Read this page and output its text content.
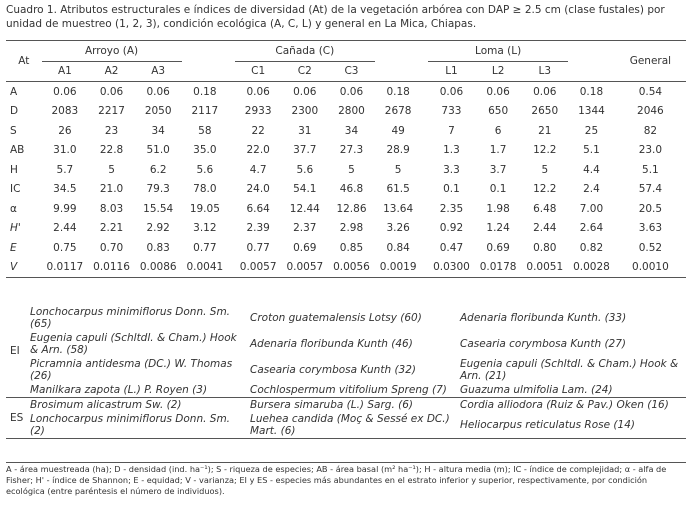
Cuadro 1. Atributos estructurales e índices de diversidad (At) de la vegetación arbórea con DAP ≥ 2.5 cm (clase fustales) por unidad de muestreo (1, 2, 3), condición ecológica (A, C, L) y general en La Mica, Chiapas.
At	Arroyo (A)					Cañada (C)					Loma (L)				General
	A1	A2	A3			C1	C2	C3			L1	L2	L3		
A	0.06	0.06	0.06	0.18		0.06	0.06	0.06	0.18		0.06	0.06	0.06	0.18	0.54
D	2083	2217	2050	2117		2933	2300	2800	2678		733	650	2650	1344	2046
S	26	23	34	58		22	31	34	49		7	6	21	25	82
AB	31.0	22.8	51.0	35.0		22.0	37.7	27.3	28.9		1.3	1.7	12.2	5.1	23.0
H	5.7	5	6.2	5.6		4.7	5.6	5	5		3.3	3.7	5	4.4	5.1
IC	34.5	21.0	79.3	78.0		24.0	54.1	46.8	61.5		0.1	0.1	12.2	2.4	57.4
α	9.99	8.03	15.54	19.05		6.64	12.44	12.86	13.64		2.35	1.98	6.48	7.00	20.5
H'	2.44	2.21	2.92	3.12		2.39	2.37	2.98	3.26		0.92	1.24	2.44	2.64	3.63
E	0.75	0.70	0.83	0.77		0.77	0.69	0.85	0.84		0.47	0.69	0.80	0.82	0.52
V	0.0117	0.0116	0.0086	0.0041		0.0057	0.0057	0.0056	0.0019		0.0300	0.0178	0.0051	0.0028	0.0010
EI	Lonchocarpus minimiflorus Donn. Sm. (65)	Croton guatemalensis Lotsy (60)	Adenaria floribunda Kunth. (33)
	Eugenia capuli (Schltdl. & Cham.) Hook & Arn. (58)	Adenaria floribunda Kunth (46)	Casearia corymbosa Kunth (27)
	Picramnia antidesma (DC.) W. Thomas (26)	Casearia corymbosa Kunth (32)	Eugenia capuli (Schltdl. & Cham.) Hook & Arn. (21)
	Manilkara zapota (L.) P. Royen (3)	Cochlospermum vitifolium Spreng (7)	Guazuma ulmifolia Lam. (24)
ES	Brosimum alicastrum Sw. (2)	Bursera simaruba (L.) Sarg. (6)	Cordia alliodora (Ruiz & Pav.) Oken (16)
	Lonchocarpus minimiflorus Donn. Sm. (2)	Luehea candida (Moç & Sessé ex DC.) Mart. (6)	Heliocarpus reticulatus Rose (14)
A - área muestreada (ha); D - densidad (ind. ha⁻¹); S - riqueza de especies; AB - área basal (m² ha⁻¹); H - altura media (m); IC - índice de complejidad; α - alfa de Fisher; H' - índice de Shannon; E - equidad; V - varianza; EI y ES - especies más abundantes en el estrato inferior y superior, respectivamente, por condición ecológica (entre paréntesis el número de individuos).
